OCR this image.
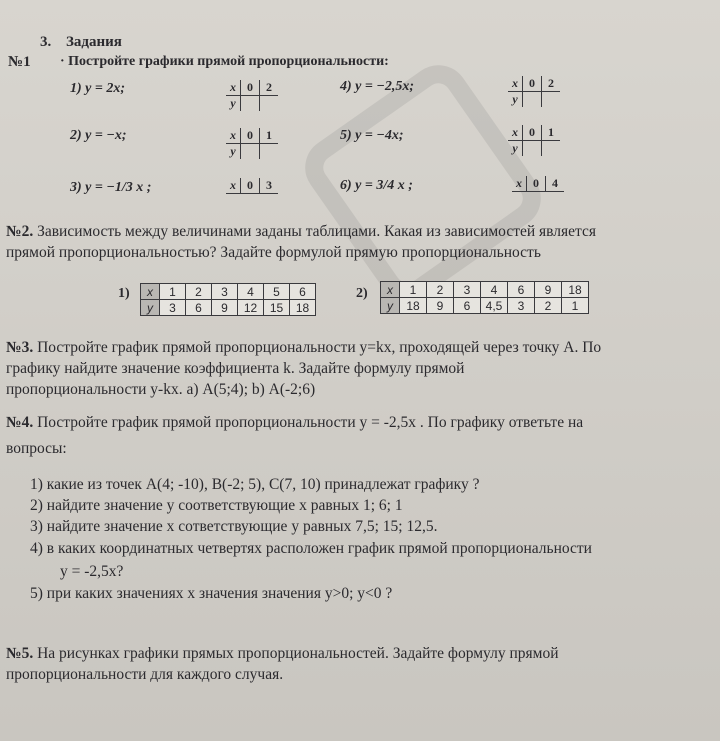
3. Задания
№1 · Постройте графики прямой пропорциональности:
1) y = 2x;
2) y = −x;
3) y = −1/3 x ;
4) y = −2,5x;
5) y = −4x;
6) y = 3/4 x ;
x 0	2
y
x 0	1
y
x 0	3
x 0	2
y
x 0	1
y
x 0	4
№2. Зависимость между величинами заданы таблицами. Какая из зависимостей является
прямой пропорциональностью? Задайте формулой прямую пропорциональность
1) x	1	2	3	4	5	6
y	3	6	9	12	15	18
2) x	1	2	3	4	6	9	18
y	18	9	6	4,5	3	2	1
№3. Постройте график прямой пропорциональности y=kx, проходящей через точку А. По
графику найдите значение коэффициента k. Задайте формулу прямой
пропорциональности у-kx. а) А(5;4); b) А(-2;6)
№4. Постройте график прямой пропорциональности у = -2,5х . По графику ответьте на
вопросы:
1) какие из точек А(4; -10), В(-2; 5), С(7, 10) принадлежат графику ?
2) найдите значение у соответствующие х равных 1; 6; 1
3) найдите значение х сответствующие у равных 7,5; 15; 12,5.
4) в каких координатных четвертях расположен график прямой пропорциональности
y = -2,5х?
5) при каких значениях х значения значения у>0; у<0 ?
№5. На рисунках графики прямых пропорциональностей. Задайте формулу прямой
пропорциональности для каждого случая.
